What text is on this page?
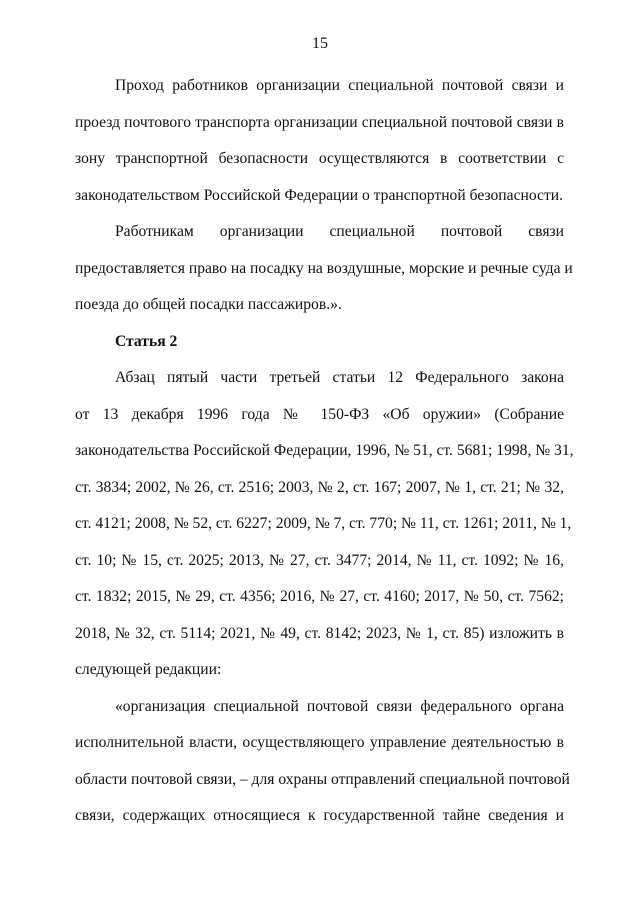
15
Проход работников организации специальной почтовой связи и
проезд почтового транспорта организации специальной почтовой связи в
зону транспортной безопасности осуществляются в соответствии с
законодательством Российской Федерации о транспортной безопасности.
Работникам организации специальной почтовой связи
предоставляется право на посадку на воздушные, морские и речные суда и
поезда до общей посадки пассажиров.».
Статья 2
Абзац пятый части третьей статьи 12 Федерального закона
от 13 декабря 1996 года № 150-ФЗ «Об оружии» (Собрание
законодательства Российской Федерации, 1996, № 51, ст. 5681; 1998, № 31,
ст. 3834; 2002, № 26, ст. 2516; 2003, № 2, ст. 167; 2007, № 1, ст. 21; № 32,
ст. 4121; 2008, № 52, ст. 6227; 2009, № 7, ст. 770; № 11, ст. 1261; 2011, № 1,
ст. 10; № 15, ст. 2025; 2013, № 27, ст. 3477; 2014, № 11, ст. 1092; № 16,
ст. 1832; 2015, № 29, ст. 4356; 2016, № 27, ст. 4160; 2017, № 50, ст. 7562;
2018, № 32, ст. 5114; 2021, № 49, ст. 8142; 2023, № 1, ст. 85) изложить в
следующей редакции:
«организация специальной почтовой связи федерального органа
исполнительной власти, осуществляющего управление деятельностью в
области почтовой связи, – для охраны отправлений специальной почтовой
связи, содержащих относящиеся к государственной тайне сведения и
